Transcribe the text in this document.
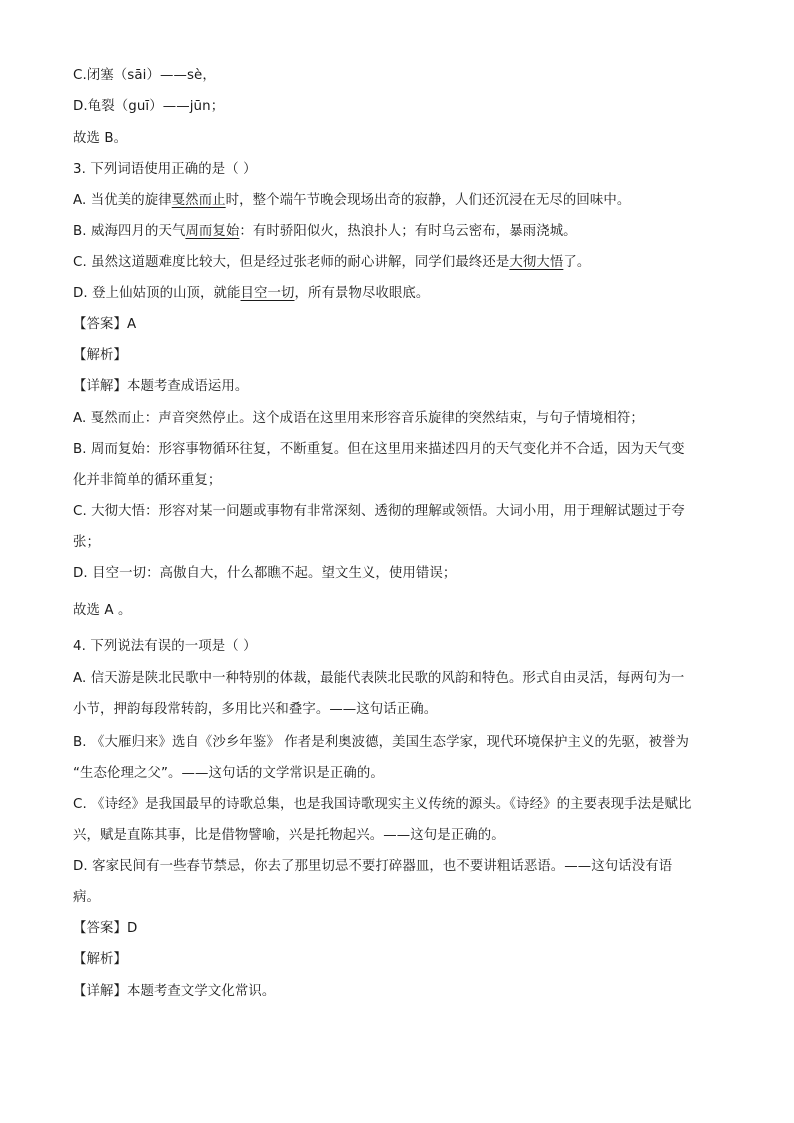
C.闭塞（sāi）——sè，
D.龟裂（guī）——jūn；
故选 B。
3. 下列词语使用正确的是（ ）
A. 当优美的旋律戛然而止时，整个端午节晚会现场出奇的寂静，人们还沉浸在无尽的回味中。
B. 威海四月的天气周而复始：有时骄阳似火，热浪扑人；有时乌云密布，暴雨浇城。
C. 虽然这道题难度比较大，但是经过张老师的耐心讲解，同学们最终还是大彻大悟了。
D. 登上仙姑顶的山顶，就能目空一切，所有景物尽收眼底。
【答案】A
【解析】
【详解】本题考查成语运用。
A. 戛然而止：声音突然停止。这个成语在这里用来形容音乐旋律的突然结束，与句子情境相符；
B. 周而复始：形容事物循环往复，不断重复。但在这里用来描述四月的天气变化并不合适，因为天气变
化并非简单的循环重复；
C. 大彻大悟：形容对某一问题或事物有非常深刻、透彻的理解或领悟。大词小用，用于理解试题过于夸
张；
D. 目空一切：高傲自大，什么都瞧不起。望文生义，使用错误；
故选 A 。
4. 下列说法有误的一项是（ ）
A. 信天游是陕北民歌中一种特别的体裁，最能代表陕北民歌的风韵和特色。形式自由灵活，每两句为一
小节，押韵每段常转韵，多用比兴和叠字。——这句话正确。
B. 《大雁归来》选自《沙乡年鉴》 作者是利奥波德，美国生态学家，现代环境保护主义的先驱，被誉为
“生态伦理之父”。——这句话的文学常识是正确的。
C. 《诗经》是我国最早的诗歌总集，也是我国诗歌现实主义传统的源头。《诗经》的主要表现手法是赋比
兴，赋是直陈其事，比是借物譬喻，兴是托物起兴。——这句是正确的。
D. 客家民间有一些春节禁忌，你去了那里切忌不要打碎器皿，也不要讲粗话恶语。——这句话没有语
病。
【答案】D
【解析】
【详解】本题考查文学文化常识。
